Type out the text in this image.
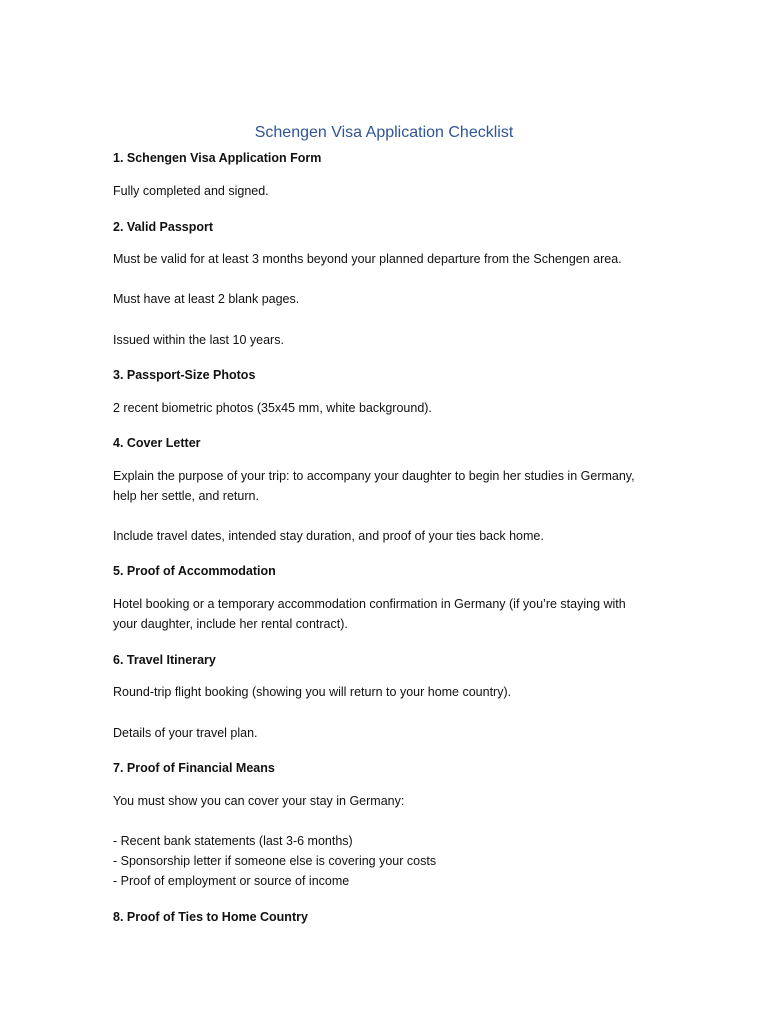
Schengen Visa Application Checklist
1. Schengen Visa Application Form
Fully completed and signed.
2. Valid Passport
Must be valid for at least 3 months beyond your planned departure from the Schengen area.
Must have at least 2 blank pages.
Issued within the last 10 years.
3. Passport-Size Photos
2 recent biometric photos (35x45 mm, white background).
4. Cover Letter
Explain the purpose of your trip: to accompany your daughter to begin her studies in Germany,
help her settle, and return.
Include travel dates, intended stay duration, and proof of your ties back home.
5. Proof of Accommodation
Hotel booking or a temporary accommodation confirmation in Germany (if you’re staying with
your daughter, include her rental contract).
6. Travel Itinerary
Round-trip flight booking (showing you will return to your home country).
Details of your travel plan.
7. Proof of Financial Means
You must show you can cover your stay in Germany:
- Recent bank statements (last 3-6 months)
- Sponsorship letter if someone else is covering your costs
- Proof of employment or source of income
8. Proof of Ties to Home Country
